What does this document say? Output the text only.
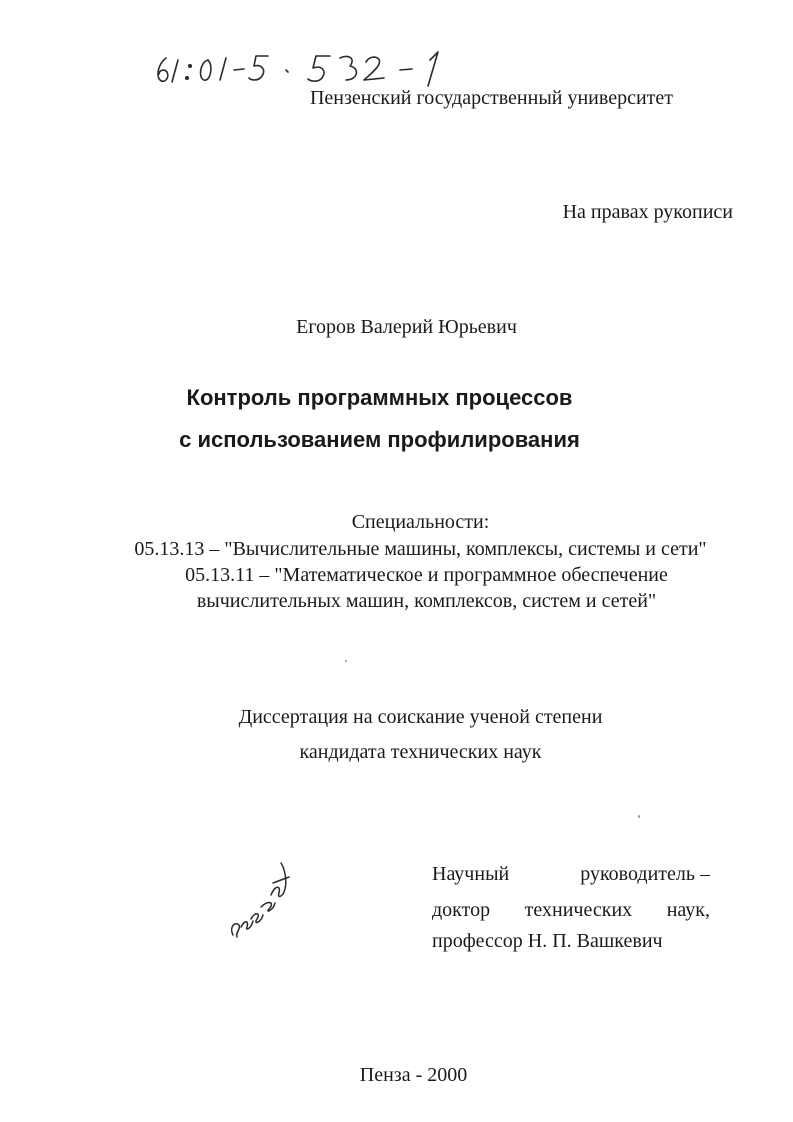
61:01-5 532-1	Пензенский государственный университет
На правах рукописи
Егоров Валерий Юрьевич
Контроль программных процессов
с использованием профилирования
Специальности:
05.13.13 – "Вычислительные машины, комплексы, системы и сети"
05.13.11 – "Математическое и программное обеспечение
вычислительных машин, комплексов, систем и сетей"
Диссертация на соискание ученой степени
кандидата технических наук
Егоров
Научный	руководитель –
доктор технических наук,
профессор Н. П. Вашкевич
Пенза - 2000
